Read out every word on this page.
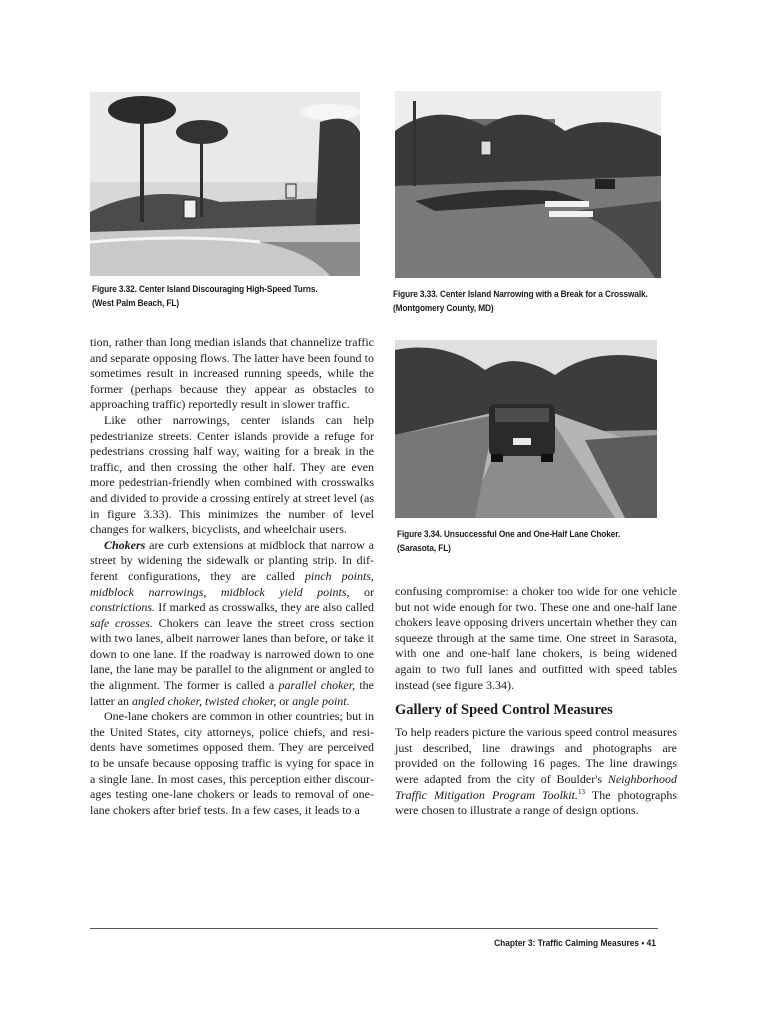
Figure 3.32. Center Island Discouraging High-Speed Turns.
(West Palm Beach, FL)
Figure 3.33. Center Island Narrowing with a Break for a Crosswalk.
(Montgomery County, MD)
Figure 3.34. Unsuccessful One and One-Half Lane Choker.
(Sarasota, FL)

tion, rather than long median islands that channelize traffic and separate opposing flows. The latter have been found to sometimes result in increased running speeds, while the former (perhaps because they appear as obstacles to approaching traffic) reportedly result in slower traffic.

Like other narrowings, center islands can help pedestrianize streets. Center islands provide a refuge for pedestrians crossing half way, waiting for a break in the traffic, and then crossing the other half. They are even more pedestrian-friendly when combined with crosswalks and divided to provide a crossing entirely at street level (as in figure 3.33). This minimizes the number of level changes for walkers, bicyclists, and wheelchair users.

Chokers are curb extensions at midblock that narrow a street by widening the sidewalk or planting strip. In different configurations, they are called pinch points, midblock narrowings, midblock yield points, or constrictions. If marked as crosswalks, they are also called safe crosses. Chokers can leave the street cross section with two lanes, albeit narrower lanes than before, or take it down to one lane. If the roadway is narrowed down to one lane, the lane may be parallel to the alignment or angled to the alignment. The former is called a parallel choker, the latter an angled choker, twisted choker, or angle point.

One-lane chokers are common in other countries; but in the United States, city attorneys, police chiefs, and residents have sometimes opposed them. They are perceived to be unsafe because opposing traffic is vying for space in a single lane. In most cases, this perception either discourages testing one-lane chokers or leads to removal of one-lane chokers after brief tests. In a few cases, it leads to a

confusing compromise: a choker too wide for one vehicle but not wide enough for two. These one and one-half lane chokers leave opposing drivers uncertain whether they can squeeze through at the same time. One street in Sarasota, with one and one-half lane chokers, is being widened again to two full lanes and outfitted with speed tables instead (see figure 3.34).

Gallery of Speed Control Measures

To help readers picture the various speed control measures just described, line drawings and photographs are provided on the following 16 pages. The line drawings were adapted from the city of Boulder's Neighborhood Traffic Mitigation Program Toolkit.$^{13}$ The photographs were chosen to illustrate a range of design options.

Chapter 3: Traffic Calming Measures • 41
